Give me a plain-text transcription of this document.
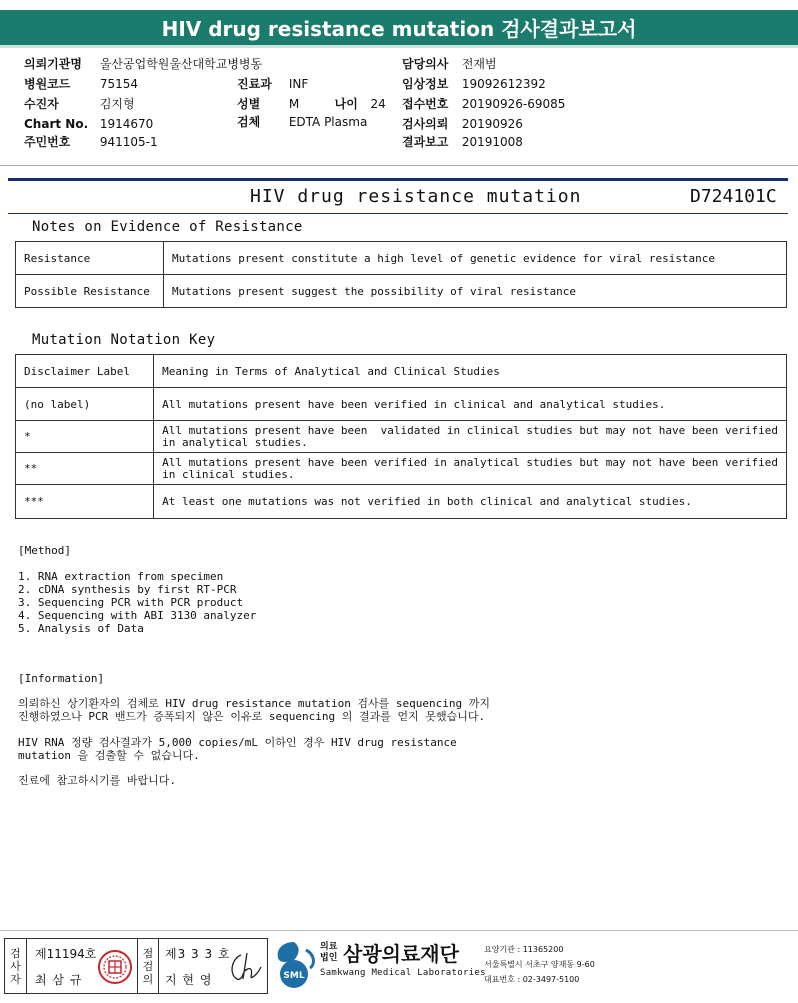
HIV drug resistance mutation 검사결과보고서
의뢰기관명 울산공업학원울산대학교병병동
병원코드 75154
수진자	김지형
Chart No. 1914670
주민번호 941105-1
진료과 INF
성별 M	나이 24
검체 EDTA Plasma
담당의사 전재범
임상정보 19092612392
접수번호 20190926-69085
검사의뢰 20190926
결과보고 20191008
HIV drug resistance mutation	D724101C
Notes on Evidence of Resistance
Resistance	Mutations present constitute a high level of genetic evidence for viral resistance
Possible Resistance	Mutations present suggest the possibility of viral resistance
Mutation Notation Key
Disclaimer Label	Meaning in Terms of Analytical and Clinical Studies
(no label)	All mutations present have been verified in clinical and analytical studies.
*	All mutations present have been  validated in clinical studies but may not have been verified
in analytical studies.
**	All mutations present have been verified in analytical studies but may not have been verified
in clinical studies.
***	At least one mutations was not verified in both clinical and analytical studies.
[Method]
1. RNA extraction from specimen
2. cDNA synthesis by first RT-PCR
3. Sequencing PCR with PCR product
4. Sequencing with ABI 3130 analyzer
5. Analysis of Data
[Information]
의뢰하신 상기환자의 검체로 HIV drug resistance mutation 검사를 sequencing 까지
진행하였으나 PCR 밴드가 증폭되지 않은 이유로 sequencing 의 결과를 얻지 못했습니다.
HIV RNA 정량 검사결과가 5,000 copies/mL 이하인 경우 HIV drug resistance
mutation 을 검출할 수 없습니다.
진료에 참고하시기를 바랍니다.
검사자
제11194호
최 삼 규
점검의
제3 3 3 호
지 현 영	SML
의료법인 삼광의료재단
Samkwang Medical Laboratories
요양기관 : 11365200
서울특별시 서초구 양재동 9-60
대표번호 : 02-3497-5100
